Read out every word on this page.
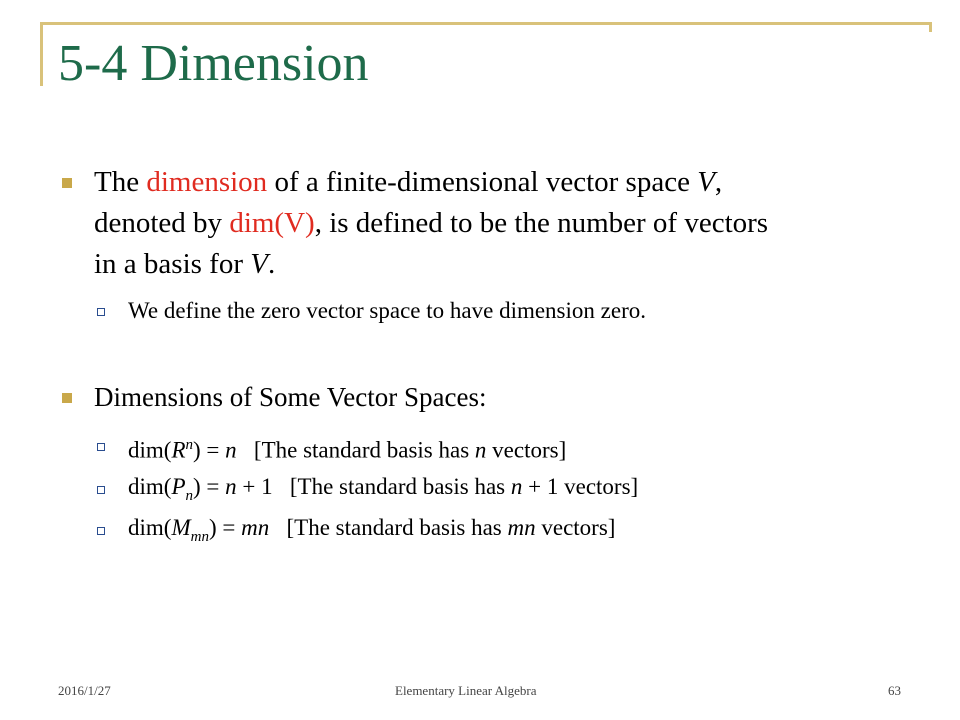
5-4 Dimension
The dimension of a finite-dimensional vector space V,
denoted by dim(V), is defined to be the number of vectors
in a basis for V.
We define the zero vector space to have dimension zero.
Dimensions of Some Vector Spaces:
$dim(R^n) = n$   [The standard basis has n vectors]
$dim(P_n) = n + 1$   [The standard basis has n + 1 vectors]
$dim(M_{mn})$ = mn   [The standard basis has mn vectors]
2016/1/27	Elementary Linear Algebra	63
